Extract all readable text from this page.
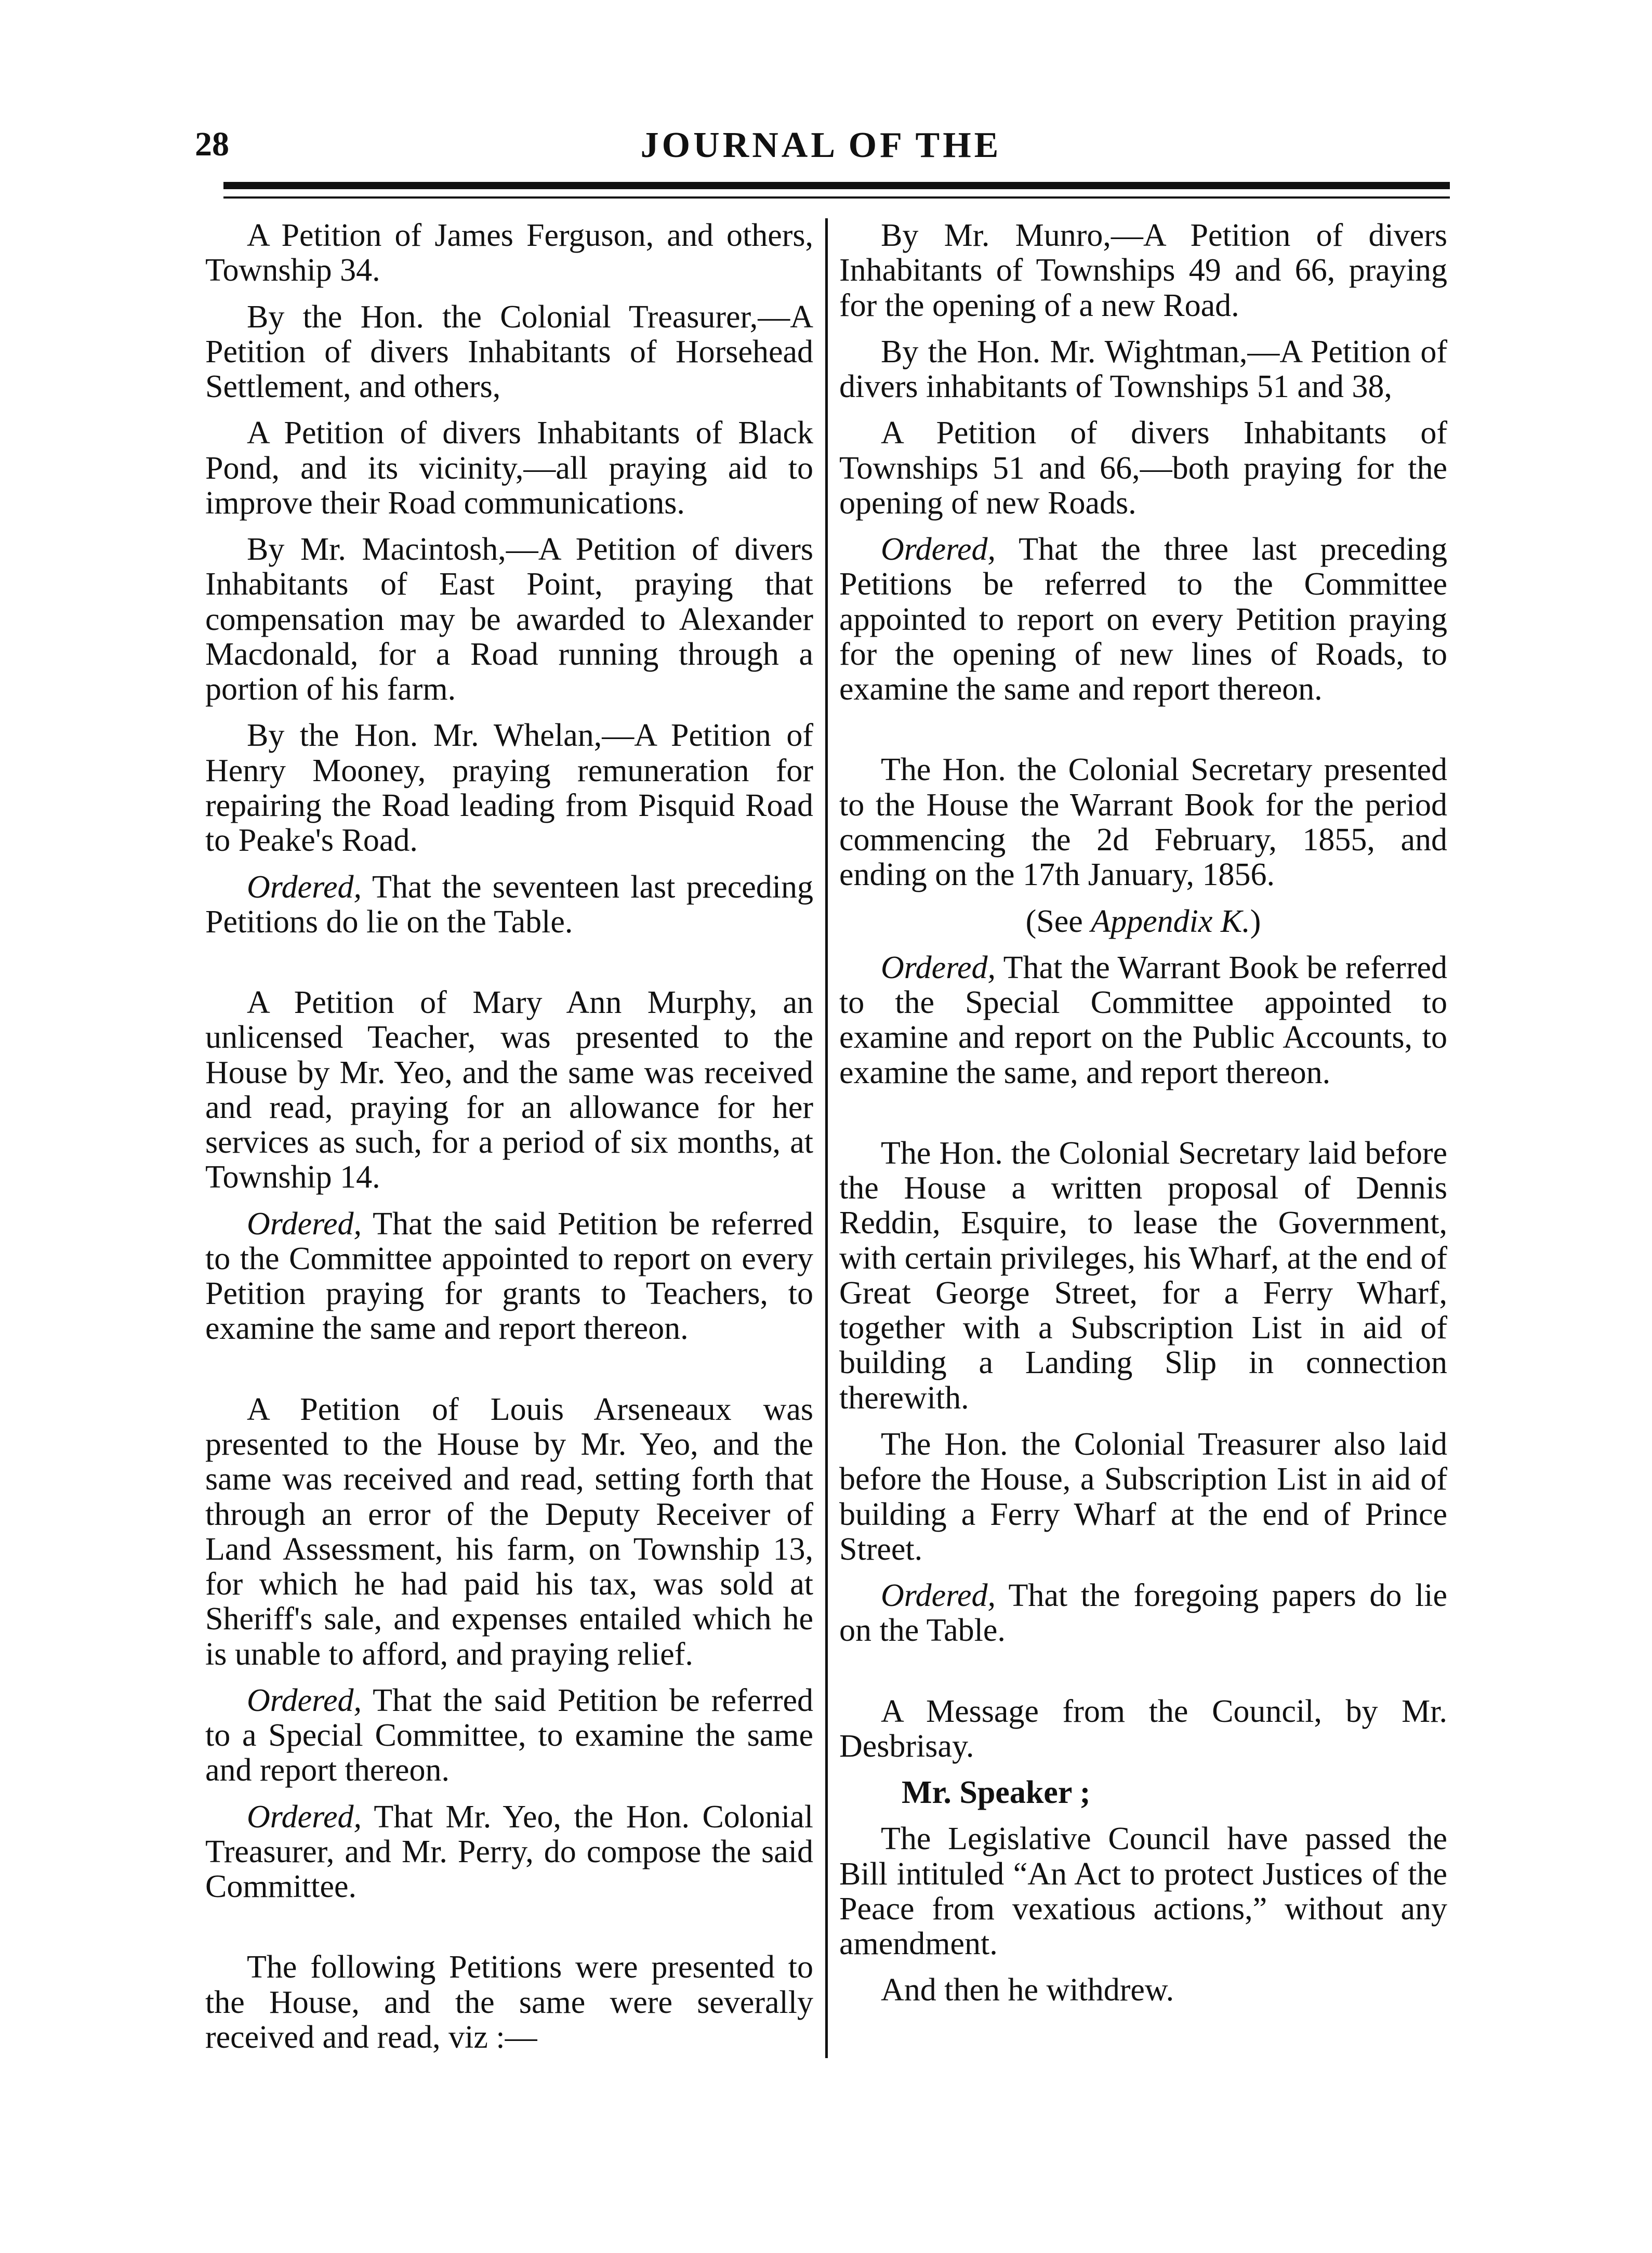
28	JOURNAL OF THE

A Petition of James Ferguson, and others, Township 34.

By the Hon. the Colonial Treasurer,—A Petition of divers Inhabitants of Horsehead Settlement, and others,

A Petition of divers Inhabitants of Black Pond, and its vicinity,—all praying aid to improve their Road communications.

By Mr. Macintosh,—A Petition of divers Inhabitants of East Point, praying that compensation may be awarded to Alexander Macdonald, for a Road running through a portion of his farm.

By the Hon. Mr. Whelan,—A Petition of Henry Mooney, praying remuneration for repairing the Road leading from Pisquid Road to Peake's Road.

Ordered, That the seventeen last preceding Petitions do lie on the Table.

A Petition of Mary Ann Murphy, an unlicensed Teacher, was presented to the House by Mr. Yeo, and the same was received and read, praying for an allowance for her services as such, for a period of six months, at Township 14.

Ordered, That the said Petition be referred to the Committee appointed to report on every Petition praying for grants to Teachers, to examine the same and report thereon.

A Petition of Louis Arseneaux was presented to the House by Mr. Yeo, and the same was received and read, setting forth that through an error of the Deputy Receiver of Land Assessment, his farm, on Township 13, for which he had paid his tax, was sold at Sheriff's sale, and expenses entailed which he is unable to afford, and praying relief.

Ordered, That the said Petition be referred to a Special Committee, to examine the same and report thereon.

Ordered, That Mr. Yeo, the Hon. Colonial Treasurer, and Mr. Perry, do compose the said Committee.

The following Petitions were presented to the House, and the same were severally received and read, viz :—

By Mr. Munro,—A Petition of divers Inhabitants of Townships 49 and 66, praying for the opening of a new Road.

By the Hon. Mr. Wightman,—A Petition of divers inhabitants of Townships 51 and 38,

A Petition of divers Inhabitants of Townships 51 and 66,—both praying for the opening of new Roads.

Ordered, That the three last preceding Petitions be referred to the Committee appointed to report on every Petition praying for the opening of new lines of Roads, to examine the same and report thereon.

The Hon. the Colonial Secretary presented to the House the Warrant Book for the period commencing the 2d February, 1855, and ending on the 17th January, 1856.

(See Appendix K.)

Ordered, That the Warrant Book be referred to the Special Committee appointed to examine and report on the Public Accounts, to examine the same, and report thereon.

The Hon. the Colonial Secretary laid before the House a written proposal of Dennis Reddin, Esquire, to lease the Government, with certain privileges, his Wharf, at the end of Great George Street, for a Ferry Wharf, together with a Subscription List in aid of building a Landing Slip in connection therewith.

The Hon. the Colonial Treasurer also laid before the House, a Subscription List in aid of building a Ferry Wharf at the end of Prince Street.

Ordered, That the foregoing papers do lie on the Table.

A Message from the Council, by Mr. Desbrisay.

Mr. Speaker ;

The Legislative Council have passed the Bill intituled “An Act to protect Justices of the Peace from vexatious actions,” without any amendment.

And then he withdrew.
